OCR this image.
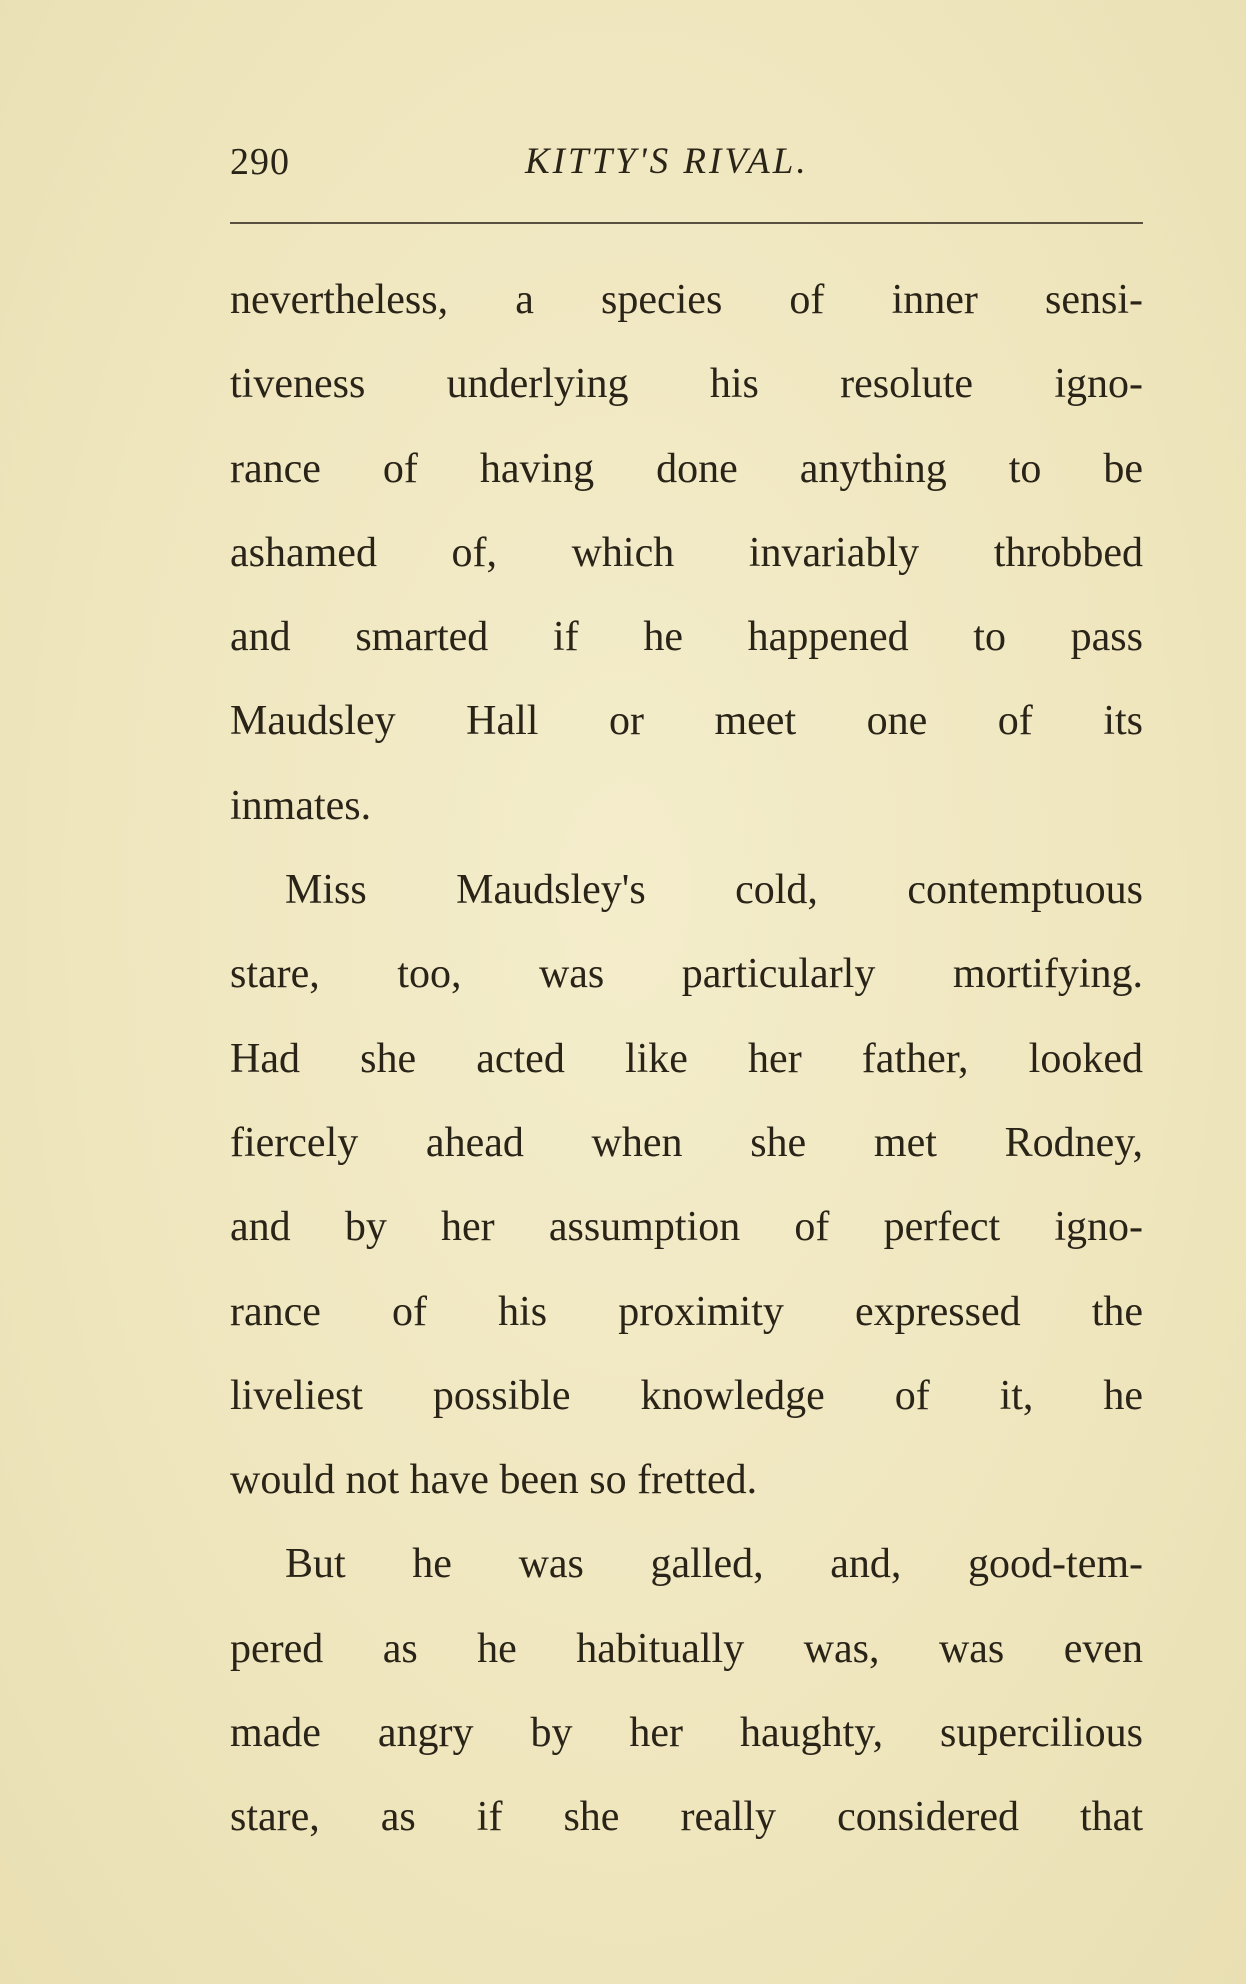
290	KITTY'S RIVAL.
nevertheless, a species of inner sensi-
tiveness underlying his resolute igno-
rance of having done anything to be
ashamed of, which invariably throbbed
and smarted if he happened to pass
Maudsley Hall or meet one of its
inmates.
Miss Maudsley's cold, contemptuous
stare, too, was particularly mortifying.
Had she acted like her father, looked
fiercely ahead when she met Rodney,
and by her assumption of perfect igno-
rance of his proximity expressed the
liveliest possible knowledge of it, he
would not have been so fretted.
But he was galled, and, good-tem-
pered as he habitually was, was even
made angry by her haughty, supercilious
stare, as if she really considered that
